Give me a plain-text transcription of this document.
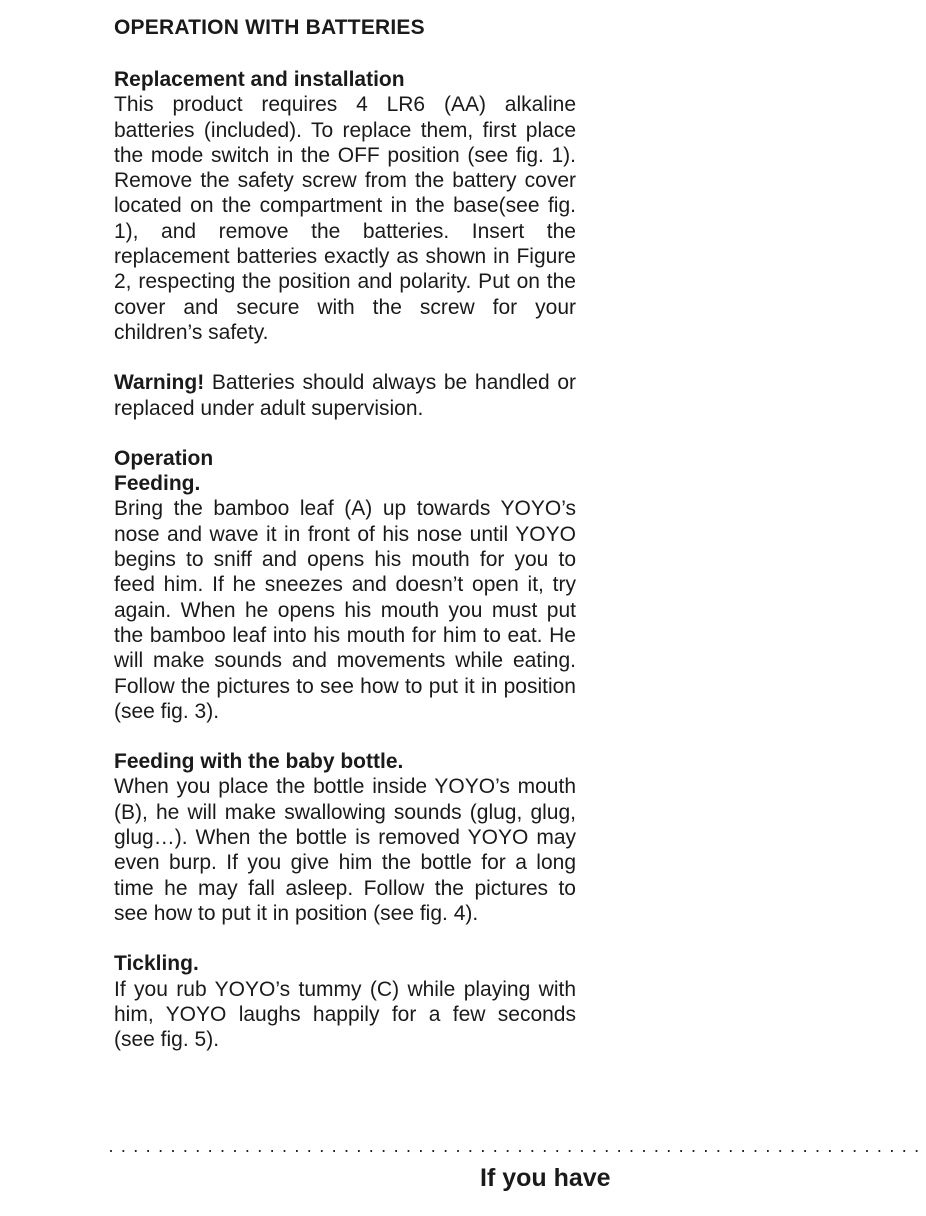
OPERATION WITH BATTERIES
Replacement and installation

This product requires 4 LR6 (AA) alkaline batteries (included). To replace them, first place the mode switch in the OFF position (see fig. 1). Remove the safety screw from the battery cover located on the compartment in the base(see fig. 1), and remove the batteries. Insert the replacement batteries exactly as shown in Figure 2, respecting the position and polarity. Put on the cover and secure with the screw for your children’s safety.

Warning! Batteries should always be handled or replaced under adult supervision.

Operation
Feeding.

Bring the bamboo leaf (A) up towards YOYO’s nose and wave it in front of his nose until YOYO begins to sniff and opens his mouth for you to feed him. If he sneezes and doesn’t open it, try again. When he opens his mouth you must put the bamboo leaf into his mouth for him to eat. He will make sounds and movements while eating. Follow the pictures to see how to put it in position (see fig. 3).

Feeding with the baby bottle.

When you place the bottle inside YOYO’s mouth (B), he will make swallowing sounds (glug, glug, glug…). When the bottle is removed YOYO may even burp. If you give him the bottle for a long time he may fall asleep. Follow the pictures to see how to put it in position (see fig. 4).

Tickling.

If you rub YOYO’s tummy (C) while playing with him, YOYO laughs happily for a few seconds (see fig. 5).

··································································
If you have
